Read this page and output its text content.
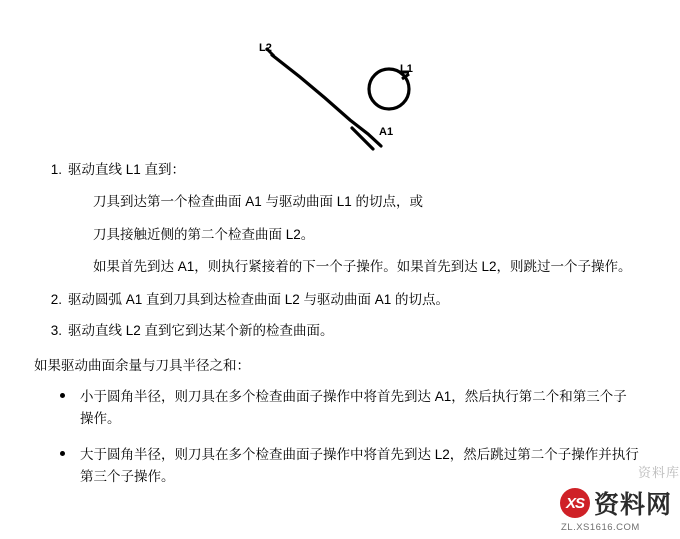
L2
L1
A1
1. 驱动直线 L1 直到：
刀具到达第一个检查曲面 A1 与驱动曲面 L1 的切点，或
刀具接触近侧的第二个检查曲面 L2。
如果首先到达 A1，则执行紧接着的下一个子操作。如果首先到达 L2，则跳过一个子操作。
2. 驱动圆弧 A1 直到刀具到达检查曲面 L2 与驱动曲面 A1 的切点。
3. 驱动直线 L2 直到它到达某个新的检查曲面。

如果驱动曲面余量与刀具半径之和：

小于圆角半径，则刀具在多个检查曲面子操作中将首先到达 A1，然后执行第二个和第三个子操作。
大于圆角半径，则刀具在多个检查曲面子操作中将首先到达 L2，然后跳过第二个子操作并执行第三个子操作。	资料库
XS 资料网
ZL.XS1616.COM
